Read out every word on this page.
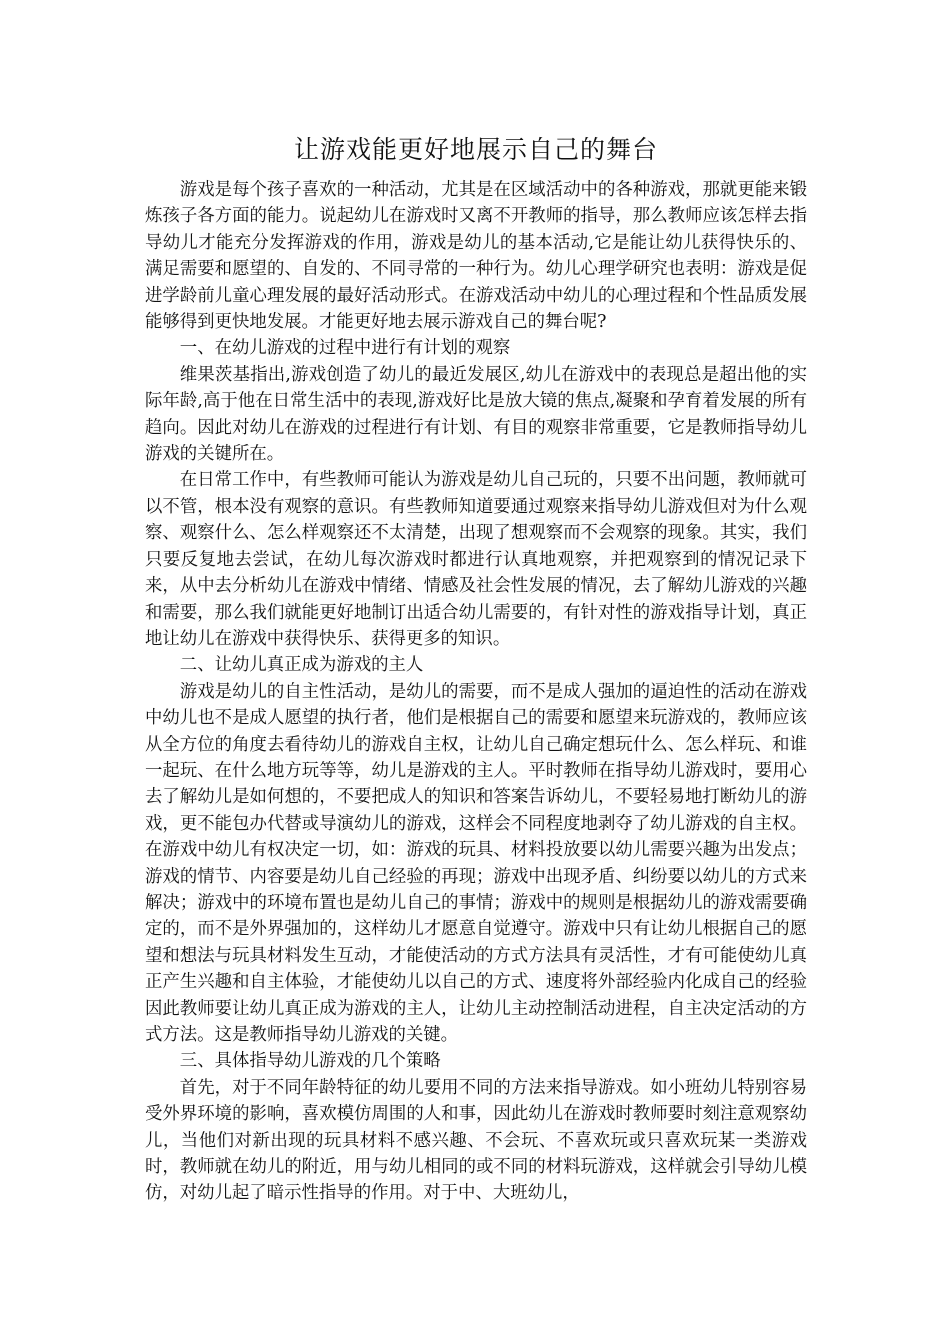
让游戏能更好地展示自己的舞台

游戏是每个孩子喜欢的一种活动，尤其是在区域活动中的各种游戏，那就更能来锻炼孩子各方面的能力。说起幼儿在游戏时又离不开教师的指导，那么教师应该怎样去指导幼儿才能充分发挥游戏的作用，游戏是幼儿的基本活动,它是能让幼儿获得快乐的、满足需要和愿望的、自发的、不同寻常的一种行为。幼儿心理学研究也表明：游戏是促进学龄前儿童心理发展的最好活动形式。在游戏活动中幼儿的心理过程和个性品质发展能够得到更快地发展。才能更好地去展示游戏自己的舞台呢?

一、在幼儿游戏的过程中进行有计划的观察

维果茨基指出,游戏创造了幼儿的最近发展区,幼儿在游戏中的表现总是超出他的实际年龄,高于他在日常生活中的表现,游戏好比是放大镜的焦点,凝聚和孕育着发展的所有趋向。因此对幼儿在游戏的过程进行有计划、有目的观察非常重要，它是教师指导幼儿游戏的关键所在。

在日常工作中，有些教师可能认为游戏是幼儿自己玩的，只要不出问题，教师就可以不管，根本没有观察的意识。有些教师知道要通过观察来指导幼儿游戏但对为什么观察、观察什么、怎么样观察还不太清楚，出现了想观察而不会观察的现象。其实，我们只要反复地去尝试，在幼儿每次游戏时都进行认真地观察，并把观察到的情况记录下来，从中去分析幼儿在游戏中情绪、情感及社会性发展的情况，去了解幼儿游戏的兴趣和需要，那么我们就能更好地制订出适合幼儿需要的，有针对性的游戏指导计划，真正地让幼儿在游戏中获得快乐、获得更多的知识。

二、让幼儿真正成为游戏的主人

游戏是幼儿的自主性活动，是幼儿的需要，而不是成人强加的逼迫性的活动在游戏中幼儿也不是成人愿望的执行者，他们是根据自己的需要和愿望来玩游戏的，教师应该从全方位的角度去看待幼儿的游戏自主权，让幼儿自己确定想玩什么、怎么样玩、和谁一起玩、在什么地方玩等等，幼儿是游戏的主人。平时教师在指导幼儿游戏时，要用心去了解幼儿是如何想的，不要把成人的知识和答案告诉幼儿，不要轻易地打断幼儿的游戏，更不能包办代替或导演幼儿的游戏，这样会不同程度地剥夺了幼儿游戏的自主权。在游戏中幼儿有权决定一切，如：游戏的玩具、材料投放要以幼儿需要兴趣为出发点；游戏的情节、内容要是幼儿自己经验的再现；游戏中出现矛盾、纠纷要以幼儿的方式来解决；游戏中的环境布置也是幼儿自己的事情；游戏中的规则是根据幼儿的游戏需要确定的，而不是外界强加的，这样幼儿才愿意自觉遵守。游戏中只有让幼儿根据自己的愿望和想法与玩具材料发生互动，才能使活动的方式方法具有灵活性，才有可能使幼儿真正产生兴趣和自主体验，才能使幼儿以自己的方式、速度将外部经验内化成自己的经验因此教师要让幼儿真正成为游戏的主人，让幼儿主动控制活动进程，自主决定活动的方式方法。这是教师指导幼儿游戏的关键。

三、具体指导幼儿游戏的几个策略

首先，对于不同年龄特征的幼儿要用不同的方法来指导游戏。如小班幼儿特别容易受外界环境的影响，喜欢模仿周围的人和事，因此幼儿在游戏时教师要时刻注意观察幼儿，当他们对新出现的玩具材料不感兴趣、不会玩、不喜欢玩或只喜欢玩某一类游戏时，教师就在幼儿的附近，用与幼儿相同的或不同的材料玩游戏，这样就会引导幼儿模仿，对幼儿起了暗示性指导的作用。对于中、大班幼儿，
